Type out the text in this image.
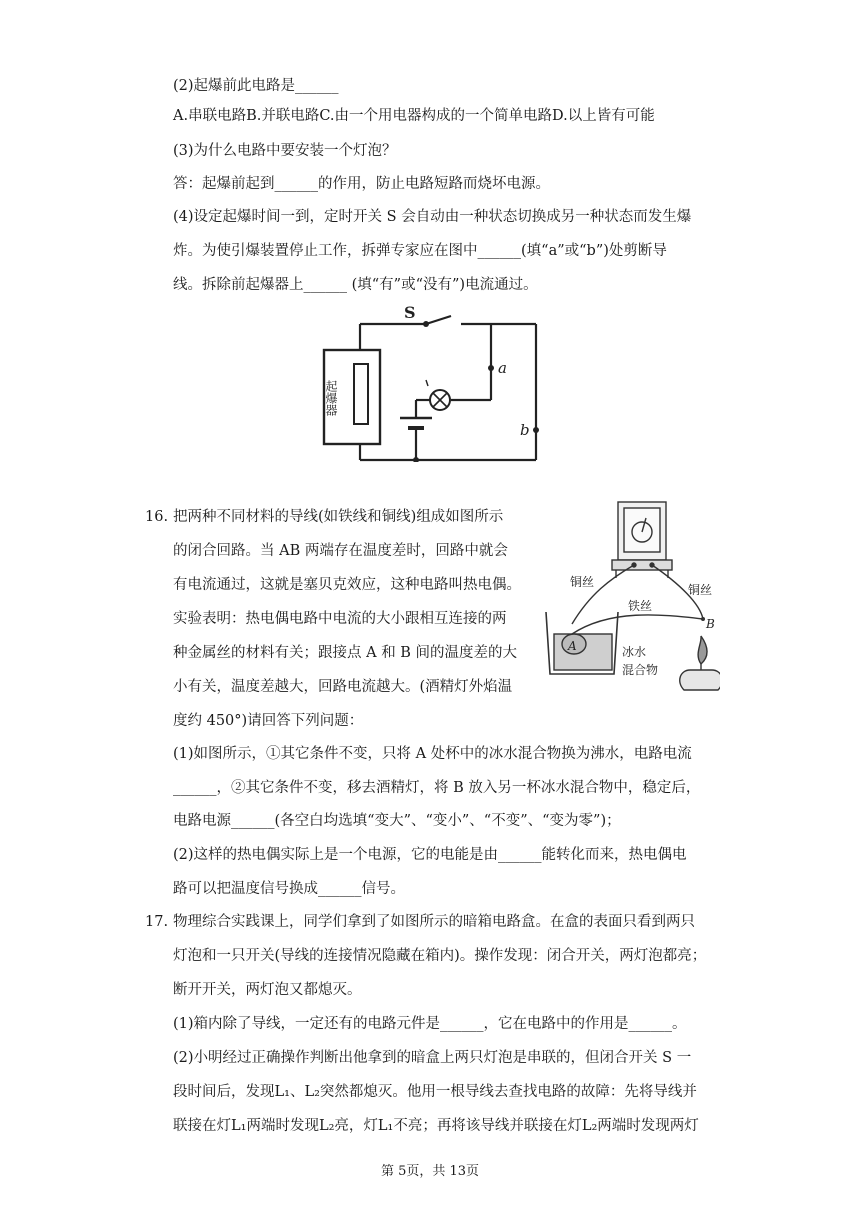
(2)起爆前此电路是______
A.串联电路B.并联电路C.由一个用电器构成的一个简单电路D.以上皆有可能
(3)为什么电路中要安装一个灯泡？
答：起爆前起到______的作用，防止电路短路而烧坏电源。
(4)设定起爆时间一到，定时开关 S 会自动由一种状态切换成另一种状态而发生爆
炸。为使引爆装置停止工作，拆弹专家应在图中______(填“a”或“b”)处剪断导
线。拆除前起爆器上______ (填“有”或“没有”)电流通过。
S
起爆器
a
b
16. 把两种不同材料的导线(如铁线和铜线)组成如图所示
的闭合回路。当 AB 两端存在温度差时，回路中就会
有电流通过，这就是塞贝克效应，这种电路叫热电偶。
实验表明：热电偶电路中电流的大小跟相互连接的两
种金属丝的材料有关；跟接点 A 和 B 间的温度差的大
小有关，温度差越大，回路电流越大。(酒精灯外焰温
度约 450°)请回答下列问题：
铜丝
铜丝
铁丝
A
B
冰水
混合物
(1)如图所示，①其它条件不变，只将 A 处杯中的冰水混合物换为沸水，电路电流
______，②其它条件不变，移去酒精灯，将 B 放入另一杯冰水混合物中，稳定后，
电路电源______(各空白均选填“变大”、“变小”、“不变”、“变为零”)；
(2)这样的热电偶实际上是一个电源，它的电能是由______能转化而来，热电偶电
路可以把温度信号换成______信号。
17. 物理综合实践课上，同学们拿到了如图所示的暗箱电路盒。在盒的表面只看到两只
灯泡和一只开关(导线的连接情况隐藏在箱内)。操作发现：闭合开关，两灯泡都亮；
断开开关，两灯泡又都熄灭。
(1)箱内除了导线，一定还有的电路元件是______，它在电路中的作用是______。
(2)小明经过正确操作判断出他拿到的暗盒上两只灯泡是串联的，但闭合开关 S 一
段时间后，发现L₁、L₂突然都熄灭。他用一根导线去查找电路的故障：先将导线并
联接在灯L₁两端时发现L₂亮，灯L₁不亮；再将该导线并联接在灯L₂两端时发现两灯
第 5页，共 13页
